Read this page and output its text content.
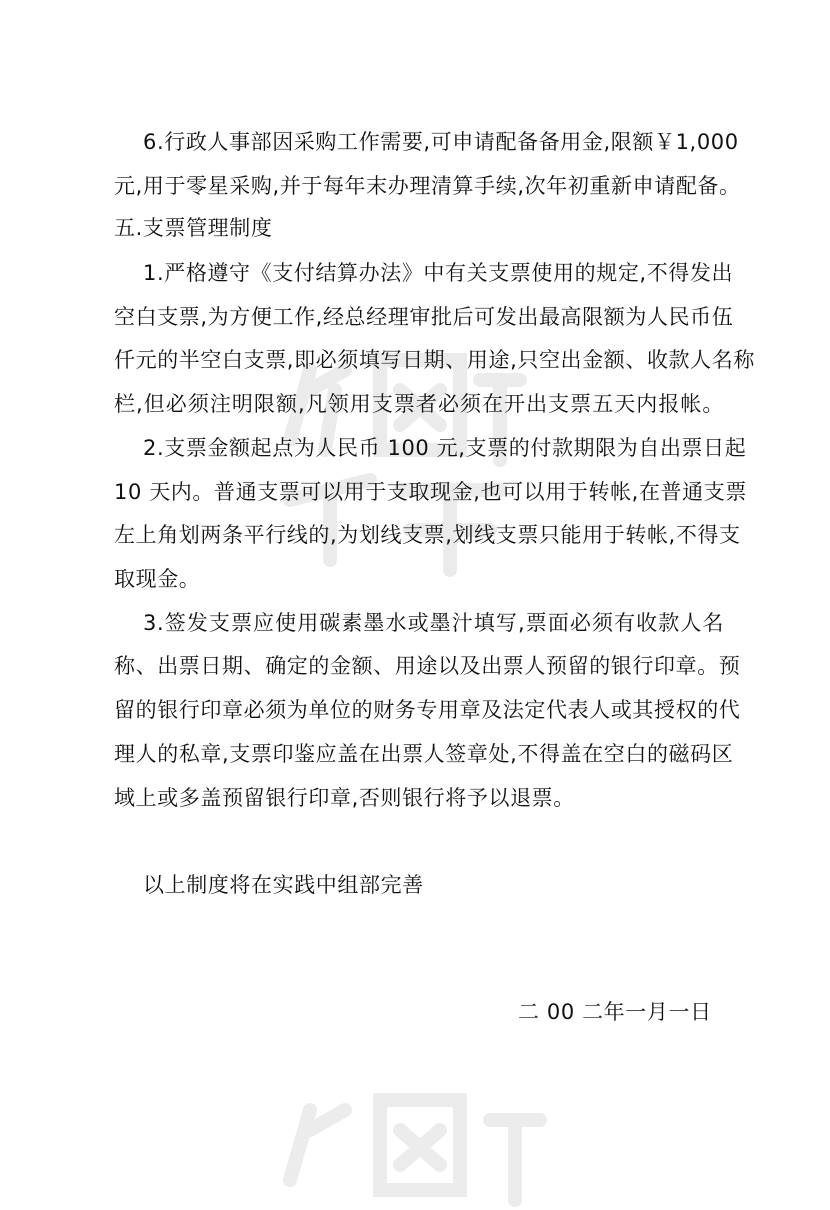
6.行政人事部因采购工作需要,可申请配备备用金,限额￥1,000
元,用于零星采购,并于每年末办理清算手续,次年初重新申请配备。
五.支票管理制度
1.严格遵守《支付结算办法》中有关支票使用的规定,不得发出
空白支票,为方便工作,经总经理审批后可发出最高限额为人民币伍
仟元的半空白支票,即必须填写日期、用途,只空出金额、收款人名称
栏,但必须注明限额,凡领用支票者必须在开出支票五天内报帐。
2.支票金额起点为人民币 100 元,支票的付款期限为自出票日起
10 天内。普通支票可以用于支取现金,也可以用于转帐,在普通支票
左上角划两条平行线的,为划线支票,划线支票只能用于转帐,不得支
取现金。
3.签发支票应使用碳素墨水或墨汁填写,票面必须有收款人名
称、出票日期、确定的金额、用途以及出票人预留的银行印章。预
留的银行印章必须为单位的财务专用章及法定代表人或其授权的代
理人的私章,支票印鉴应盖在出票人签章处,不得盖在空白的磁码区
域上或多盖预留银行印章,否则银行将予以退票。
以上制度将在实践中组部完善
二 00 二年一月一日
